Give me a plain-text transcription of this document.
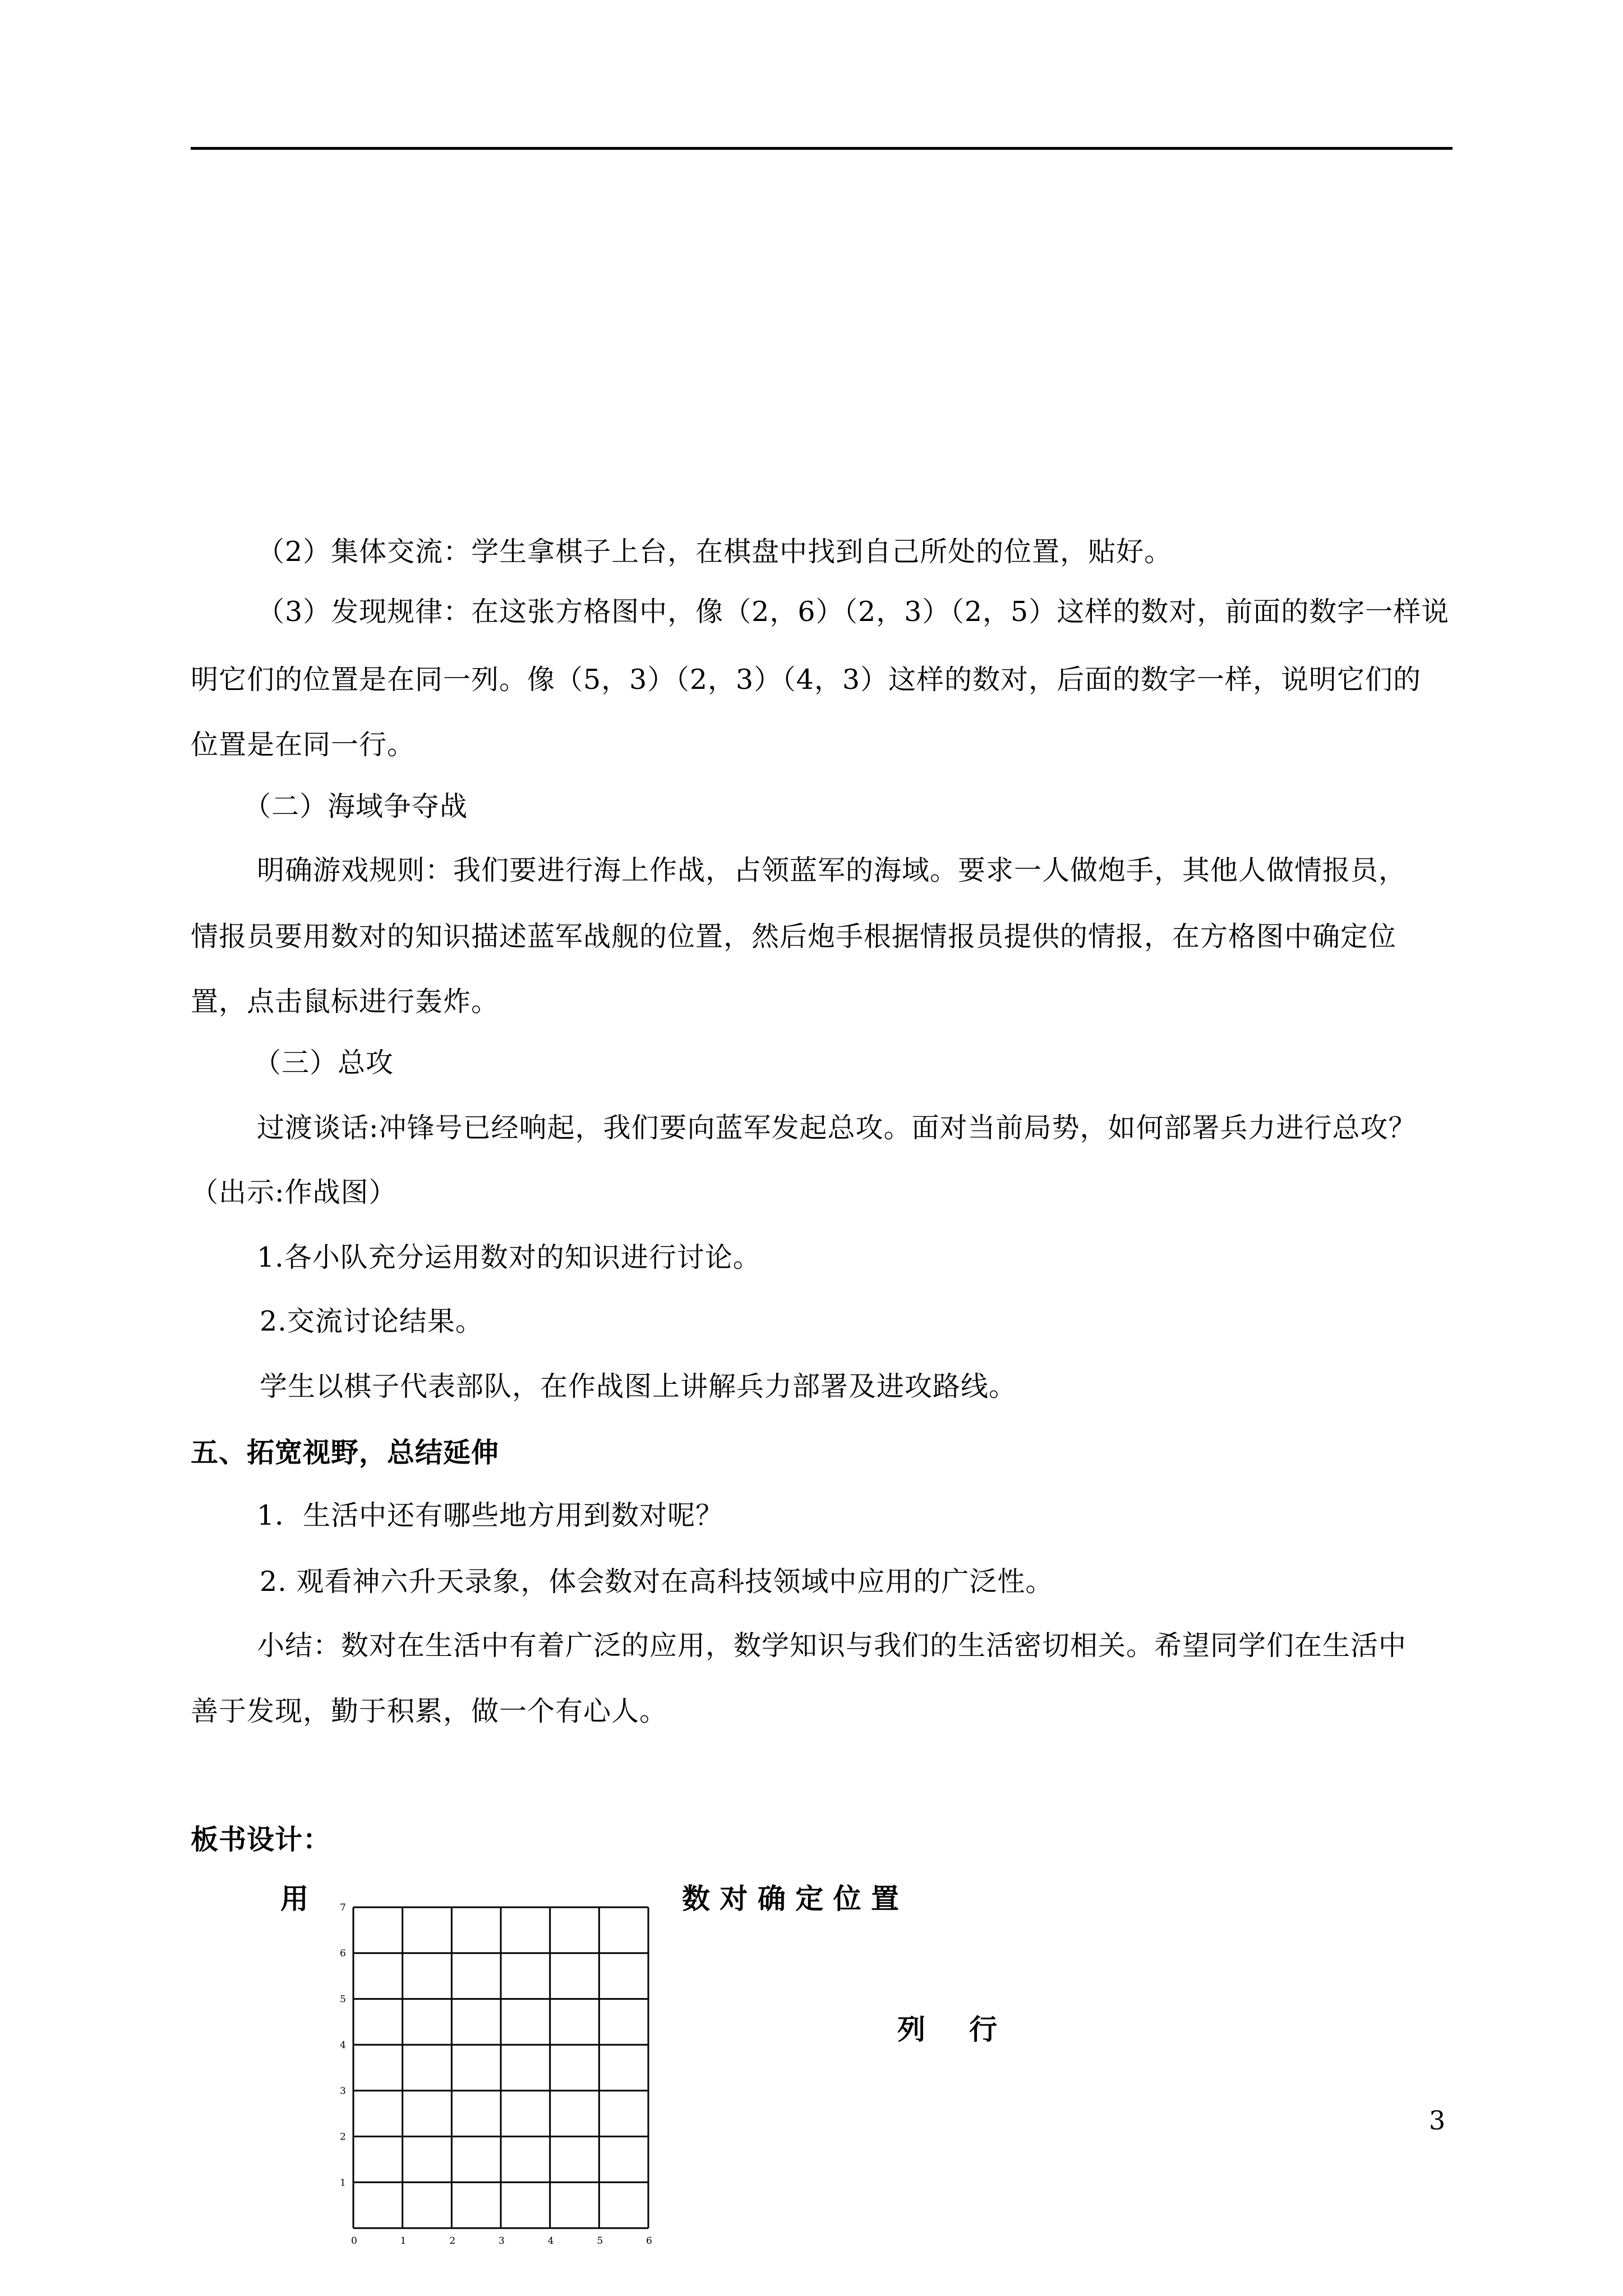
（2）集体交流：学生拿棋子上台，在棋盘中找到自己所处的位置，贴好。
（3）发现规律：在这张方格图中，像（2，6）（2，3）（2，5）这样的数对，前面的数字一样说
明它们的位置是在同一列。像（5，3）（2，3）（4，3）这样的数对，后面的数字一样，说明它们的
位置是在同一行。
（二）海域争夺战
明确游戏规则：我们要进行海上作战，占领蓝军的海域。要求一人做炮手，其他人做情报员，
情报员要用数对的知识描述蓝军战舰的位置，然后炮手根据情报员提供的情报，在方格图中确定位
置，点击鼠标进行轰炸。
（三）总攻
过渡谈话:冲锋号已经响起，我们要向蓝军发起总攻。面对当前局势，如何部署兵力进行总攻？
（出示:作战图）
1.各小队充分运用数对的知识进行讨论。
2.交流讨论结果。
学生以棋子代表部队，在作战图上讲解兵力部署及进攻路线。
五、拓宽视野，总结延伸
1．生活中还有哪些地方用到数对呢？
2. 观看神六升天录象，体会数对在高科技领域中应用的广泛性。
小结：数对在生活中有着广泛的应用，数学知识与我们的生活密切相关。希望同学们在生活中
善于发现，勤于积累，做一个有心人。
板书设计：
用	数 对 确 定 位 置
列 行
0	1	2	3	4	5	6
1
2
3
4
5
6
7
3
